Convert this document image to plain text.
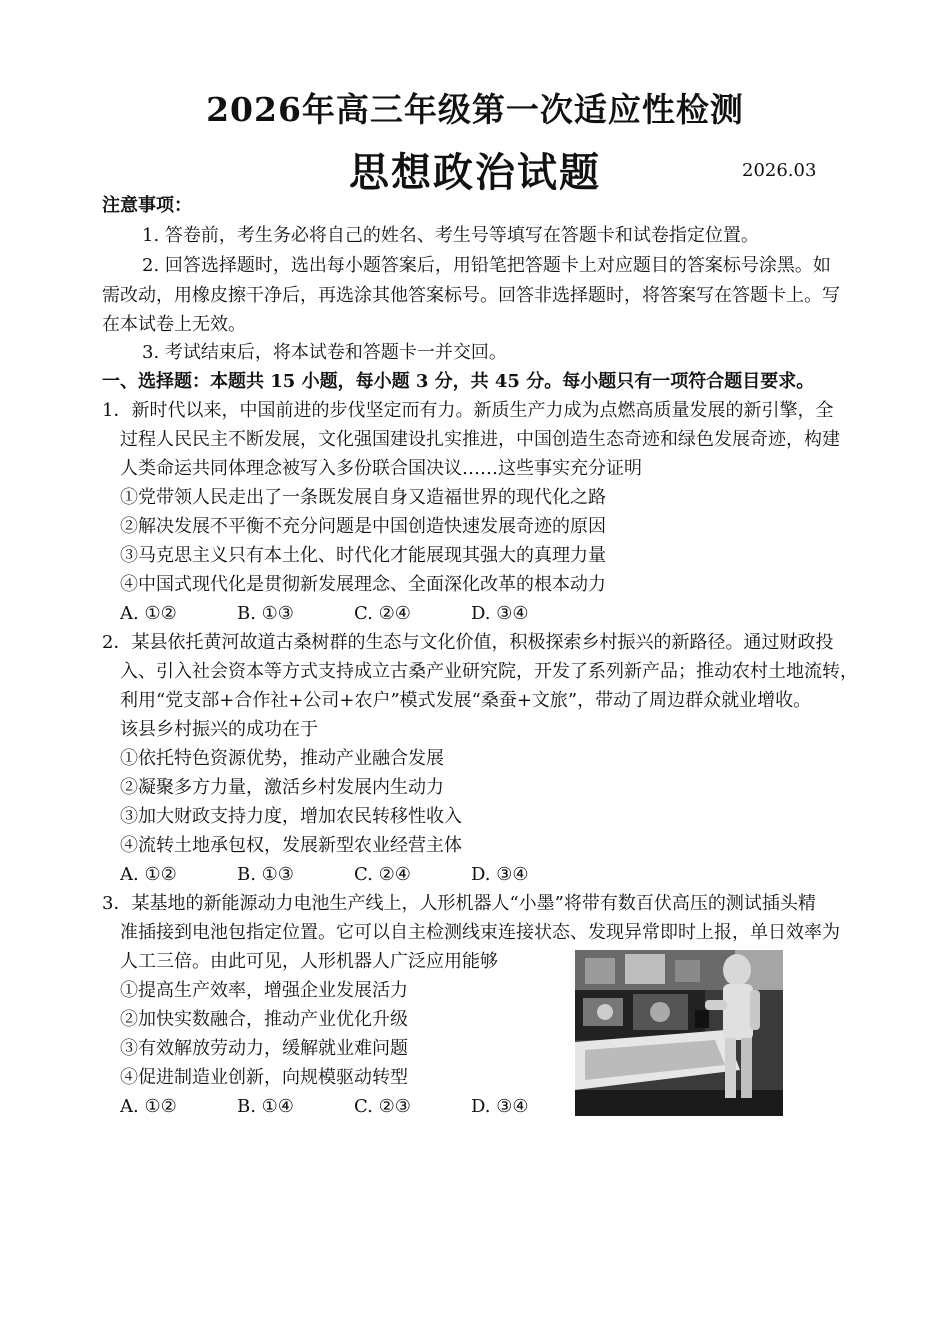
2026年高三年级第一次适应性检测
思想政治试题	2026.03
注意事项：
1. 答卷前，考生务必将自己的姓名、考生号等填写在答题卡和试卷指定位置。
2. 回答选择题时，选出每小题答案后，用铅笔把答题卡上对应题目的答案标号涂黑。如
需改动，用橡皮擦干净后，再选涂其他答案标号。回答非选择题时，将答案写在答题卡上。写
在本试卷上无效。
3. 考试结束后，将本试卷和答题卡一并交回。
一、选择题：本题共 15 小题，每小题 3 分，共 45 分。每小题只有一项符合题目要求。
1．新时代以来，中国前进的步伐坚定而有力。新质生产力成为点燃高质量发展的新引擎，全
过程人民民主不断发展，文化强国建设扎实推进，中国创造生态奇迹和绿色发展奇迹，构建
人类命运共同体理念被写入多份联合国决议……这些事实充分证明
①党带领人民走出了一条既发展自身又造福世界的现代化之路
②解决发展不平衡不充分问题是中国创造快速发展奇迹的原因
③马克思主义只有本土化、时代化才能展现其强大的真理力量
④中国式现代化是贯彻新发展理念、全面深化改革的根本动力
A. ①②	B. ①③	C. ②④	D. ③④
2．某县依托黄河故道古桑树群的生态与文化价值，积极探索乡村振兴的新路径。通过财政投
入、引入社会资本等方式支持成立古桑产业研究院，开发了系列新产品；推动农村土地流转，
利用“党支部+合作社+公司+农户”模式发展“桑蚕+文旅”，带动了周边群众就业增收。
该县乡村振兴的成功在于
①依托特色资源优势，推动产业融合发展
②凝聚多方力量，激活乡村发展内生动力
③加大财政支持力度，增加农民转移性收入
④流转土地承包权，发展新型农业经营主体
A. ①②	B. ①③	C. ②④	D. ③④
3．某基地的新能源动力电池生产线上，人形机器人“小墨”将带有数百伏高压的测试插头精
准插接到电池包指定位置。它可以自主检测线束连接状态、发现异常即时上报，单日效率为
人工三倍。由此可见，人形机器人广泛应用能够
①提高生产效率，增强企业发展活力
②加快实数融合，推动产业优化升级
③有效解放劳动力，缓解就业难问题
④促进制造业创新，向规模驱动转型
A. ①②	B. ①④	C. ②③	D. ③④
